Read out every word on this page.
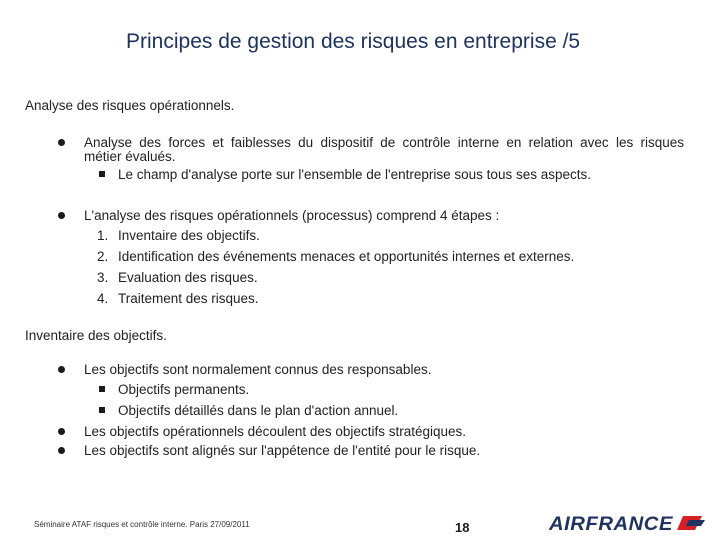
Principes de gestion des risques en entreprise /5
Analyse des risques opérationnels.
Analyse des forces et faiblesses du dispositif de contrôle interne en relation avec les risques
métier évalués.
Le champ d'analyse porte sur l'ensemble de l'entreprise sous tous ses aspects.
L'analyse des risques opérationnels (processus) comprend 4 étapes :
1. Inventaire des objectifs.
2. Identification des événements menaces et opportunités internes et externes.
3. Evaluation des risques.
4. Traitement des risques.
Inventaire des objectifs.
Les objectifs sont normalement connus des responsables.
Objectifs permanents.
Objectifs détaillés dans le plan d'action annuel.
Les objectifs opérationnels découlent des objectifs stratégiques.
Les objectifs sont alignés sur l'appétence de l'entité pour le risque.
Séminaire ATAF risques et contrôle interne. Paris 27/09/2011	18	AIRFRANCE
